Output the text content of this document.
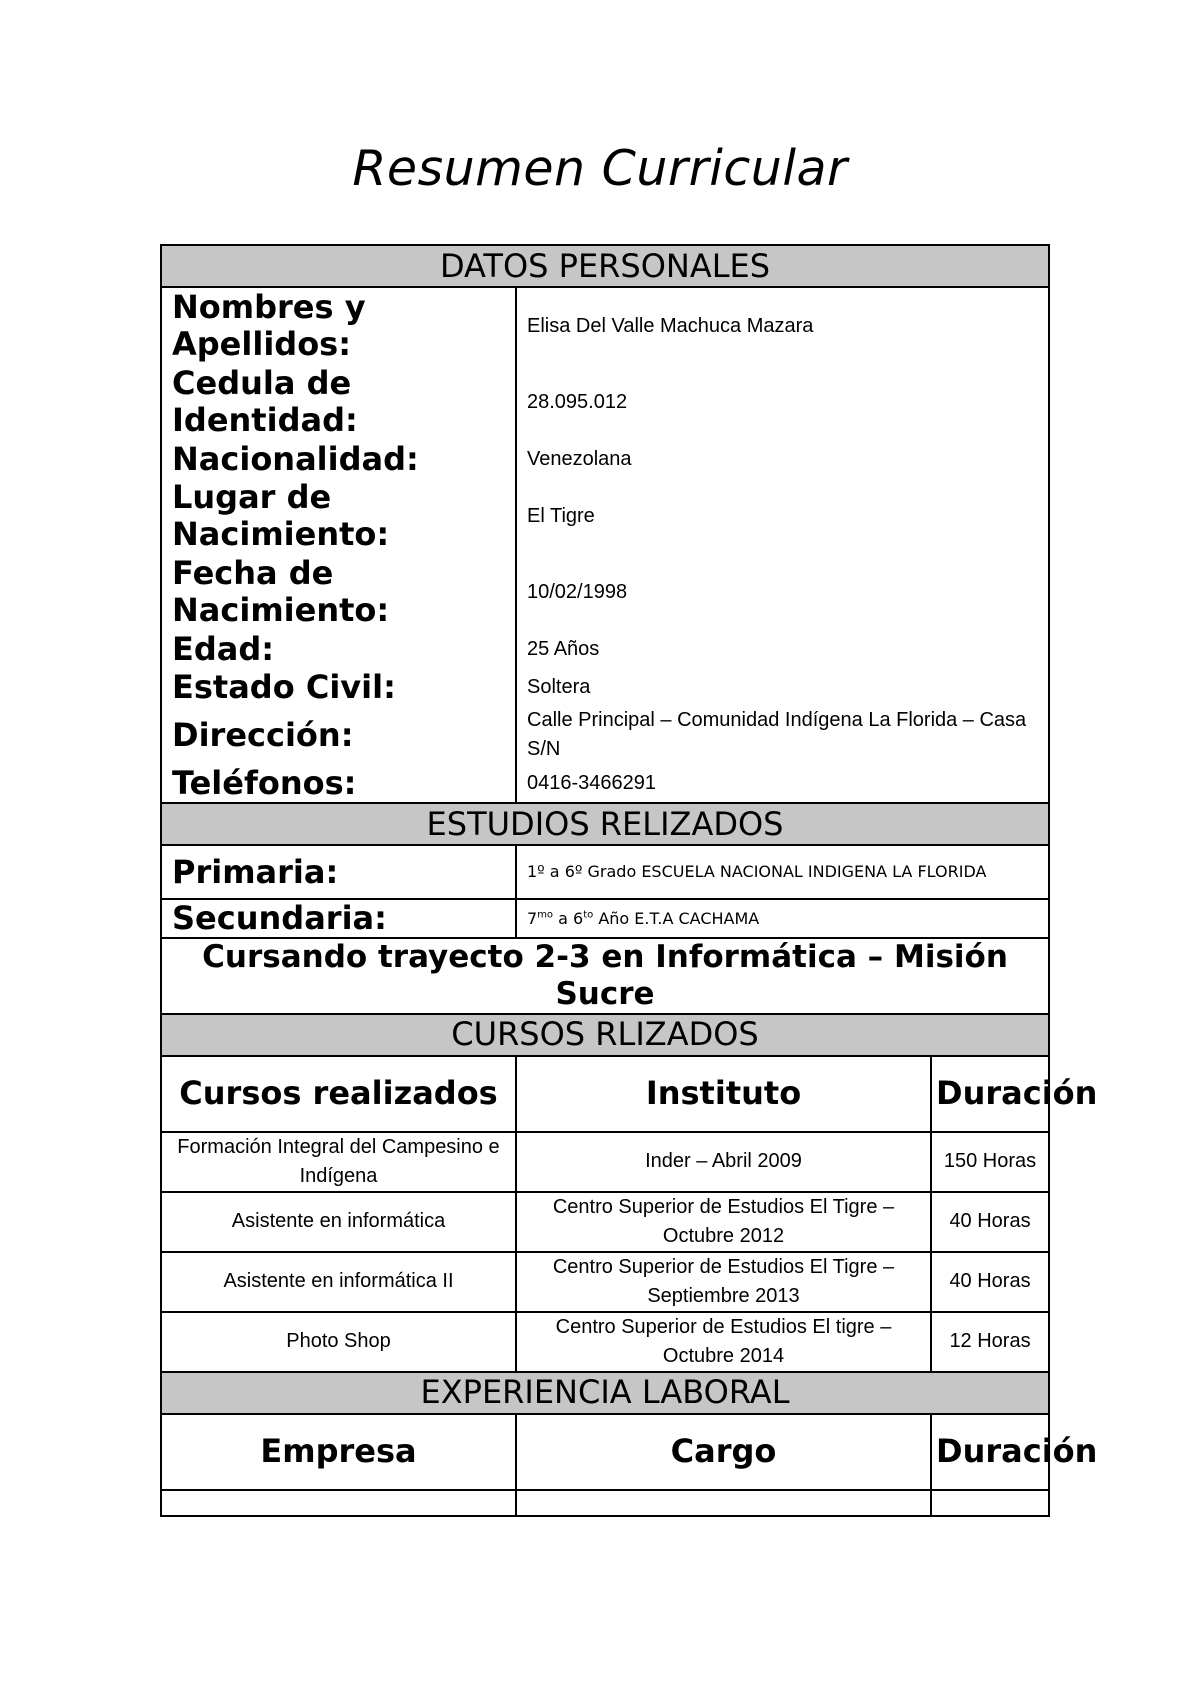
Resumen Curricular
DATOS PERSONALES		
Nombres y Apellidos:	Elisa Del Valle Machuca Mazara	
Cedula de Identidad:	28.095.012	
Nacionalidad:	Venezolana	
Lugar de Nacimiento:	El Tigre	
Fecha de Nacimiento:	10/02/1998	
Edad:	25 Años	
Estado Civil:	Soltera	
Dirección:	Calle Principal – Comunidad Indígena La Florida – Casa S/N	
Teléfonos:	0416-3466291	
ESTUDIOS RELIZADOS		
Primaria:	1º a 6º Grado ESCUELA NACIONAL INDIGENA LA FLORIDA	
Secundaria:	$7^{mo}$ a $6^{to}$ Año E.T.A CACHAMA	
Cursando trayecto 2-3 en Informática – Misión Sucre		
CURSOS RLIZADOS		
Cursos realizados	Instituto	Duración
Formación Integral del Campesino e Indígena	Inder – Abril 2009	150 Horas
Asistente en informática	Centro Superior de Estudios El Tigre – Octubre 2012	40 Horas
Asistente en informática II	Centro Superior de Estudios El Tigre – Septiembre 2013	40 Horas
Photo Shop	Centro Superior de Estudios El tigre – Octubre 2014	12 Horas
EXPERIENCIA LABORAL		
Empresa	Cargo	Duración
